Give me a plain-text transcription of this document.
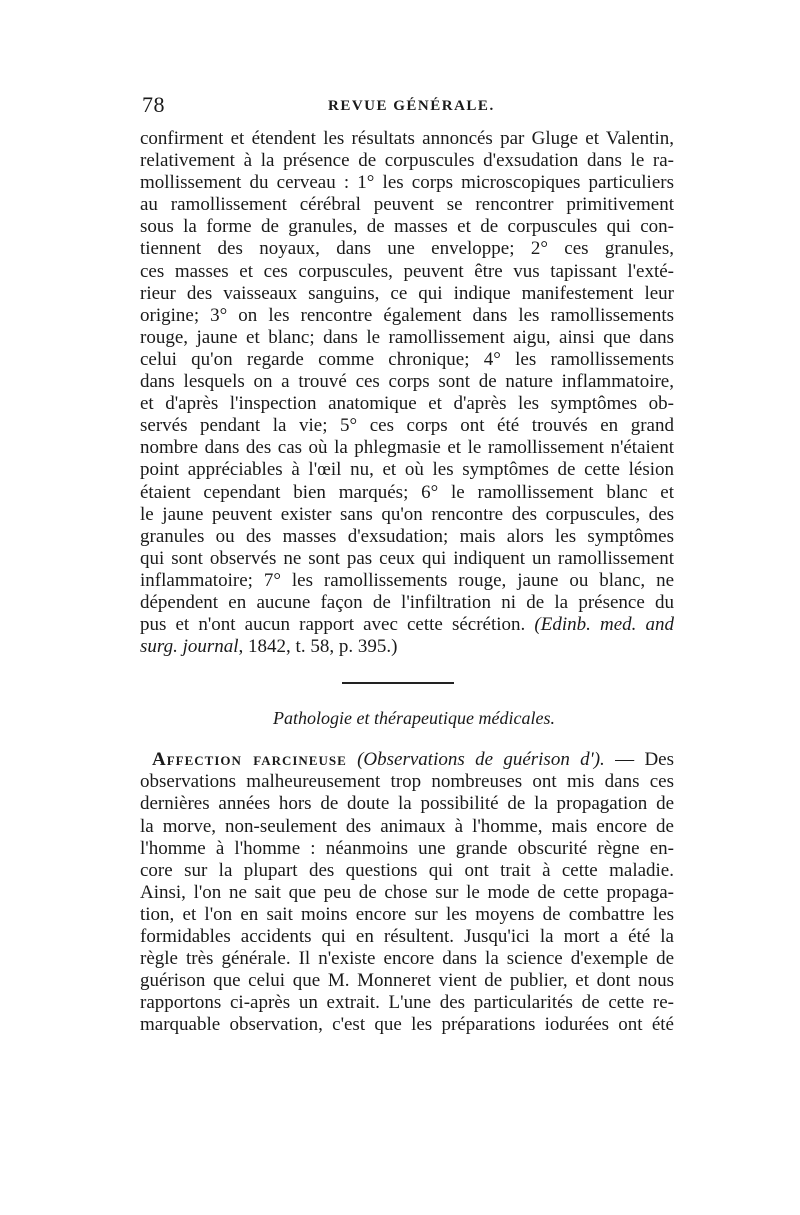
78	REVUE GÉNÉRALE.
confirment et étendent les résultats annoncés par Gluge et Valentin,
relativement à la présence de corpuscules d'exsudation dans le ra-
mollissement du cerveau : 1° les corps microscopiques particuliers
au ramollissement cérébral peuvent se rencontrer primitivement
sous la forme de granules, de masses et de corpuscules qui con-
tiennent des noyaux, dans une enveloppe; 2° ces granules,
ces masses et ces corpuscules, peuvent être vus tapissant l'exté-
rieur des vaisseaux sanguins, ce qui indique manifestement leur
origine; 3° on les rencontre également dans les ramollissements
rouge, jaune et blanc; dans le ramollissement aigu, ainsi que dans
celui qu'on regarde comme chronique; 4° les ramollissements
dans lesquels on a trouvé ces corps sont de nature inflammatoire,
et d'après l'inspection anatomique et d'après les symptômes ob-
servés pendant la vie; 5° ces corps ont été trouvés en grand
nombre dans des cas où la phlegmasie et le ramollissement n'étaient
point appréciables à l'œil nu, et où les symptômes de cette lésion
étaient cependant bien marqués; 6° le ramollissement blanc et
le jaune peuvent exister sans qu'on rencontre des corpuscules, des
granules ou des masses d'exsudation; mais alors les symptômes
qui sont observés ne sont pas ceux qui indiquent un ramollissement
inflammatoire; 7° les ramollissements rouge, jaune ou blanc, ne
dépendent en aucune façon de l'infiltration ni de la présence du
pus et n'ont aucun rapport avec cette sécrétion. (Edinb. med. and
surg. journal, 1842, t. 58, p. 395.)
Pathologie et thérapeutique médicales.
Affection farcineuse (Observations de guérison d'). — Des
observations malheureusement trop nombreuses ont mis dans ces
dernières années hors de doute la possibilité de la propagation de
la morve, non-seulement des animaux à l'homme, mais encore de
l'homme à l'homme : néanmoins une grande obscurité règne en-
core sur la plupart des questions qui ont trait à cette maladie.
Ainsi, l'on ne sait que peu de chose sur le mode de cette propaga-
tion, et l'on en sait moins encore sur les moyens de combattre les
formidables accidents qui en résultent. Jusqu'ici la mort a été la
règle très générale. Il n'existe encore dans la science d'exemple de
guérison que celui que M. Monneret vient de publier, et dont nous
rapportons ci-après un extrait. L'une des particularités de cette re-
marquable observation, c'est que les préparations iodurées ont été
